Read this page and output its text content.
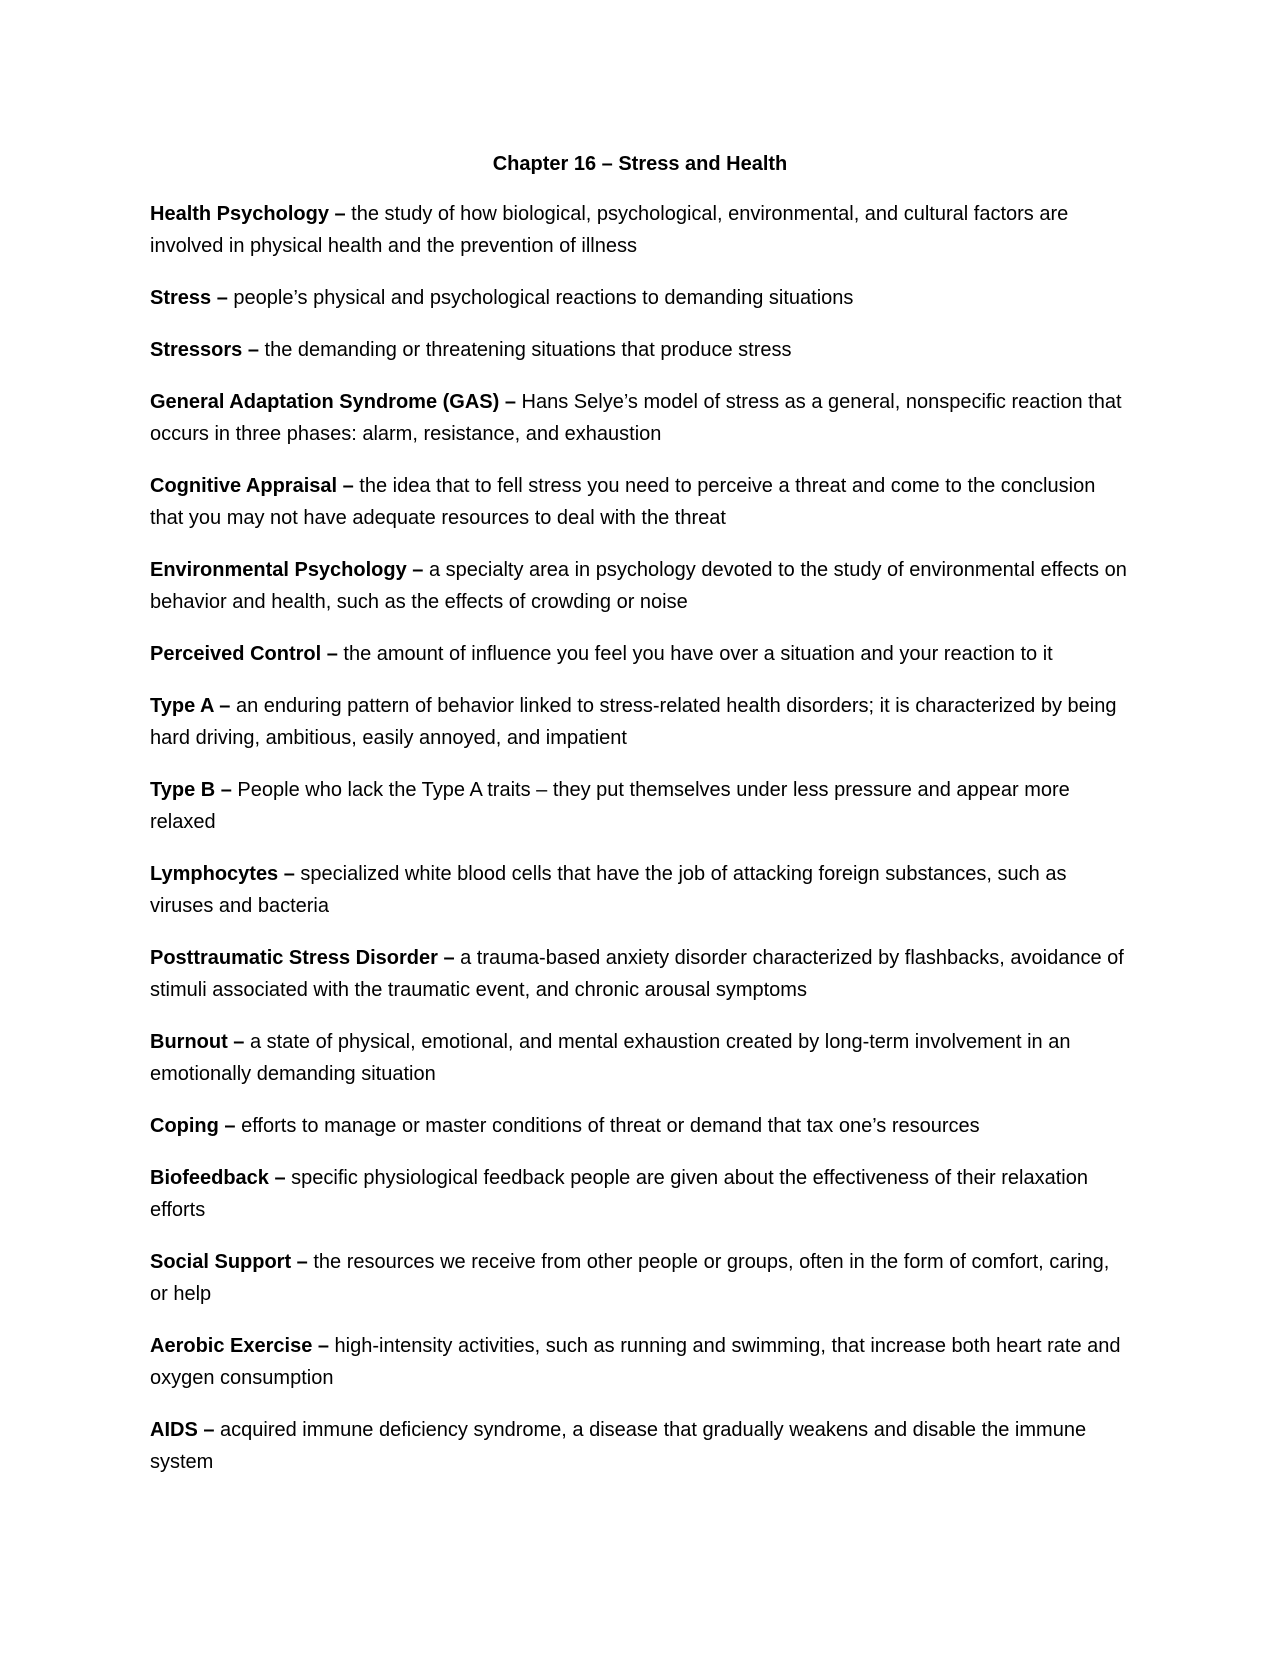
Chapter 16 – Stress and Health

Health Psychology – the study of how biological, psychological, environmental, and cultural factors are involved in physical health and the prevention of illness

Stress – people’s physical and psychological reactions to demanding situations

Stressors – the demanding or threatening situations that produce stress

General Adaptation Syndrome (GAS) – Hans Selye’s model of stress as a general, nonspecific reaction that occurs in three phases: alarm, resistance, and exhaustion

Cognitive Appraisal – the idea that to fell stress you need to perceive a threat and come to the conclusion that you may not have adequate resources to deal with the threat

Environmental Psychology – a specialty area in psychology devoted to the study of environmental effects on behavior and health, such as the effects of crowding or noise

Perceived Control – the amount of influence you feel you have over a situation and your reaction to it

Type A – an enduring pattern of behavior linked to stress-related health disorders; it is characterized by being hard driving, ambitious, easily annoyed, and impatient

Type B – People who lack the Type A traits – they put themselves under less pressure and appear more relaxed

Lymphocytes – specialized white blood cells that have the job of attacking foreign substances, such as viruses and bacteria

Posttraumatic Stress Disorder – a trauma-based anxiety disorder characterized by flashbacks, avoidance of stimuli associated with the traumatic event, and chronic arousal symptoms

Burnout – a state of physical, emotional, and mental exhaustion created by long-term involvement in an emotionally demanding situation

Coping – efforts to manage or master conditions of threat or demand that tax one’s resources

Biofeedback – specific physiological feedback people are given about the effectiveness of their relaxation efforts

Social Support – the resources we receive from other people or groups, often in the form of comfort, caring, or help

Aerobic Exercise – high-intensity activities, such as running and swimming, that increase both heart rate and oxygen consumption

AIDS – acquired immune deficiency syndrome, a disease that gradually weakens and disable the immune system
